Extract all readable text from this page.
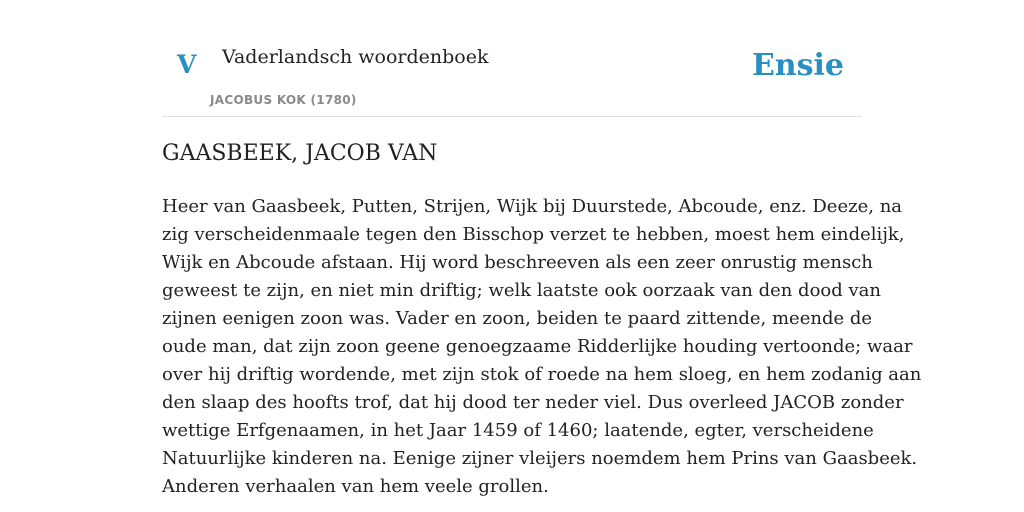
V Vaderlandsch woordenboek
JACOBUS KOK (1780)
Ensie
GAASBEEK, JACOB VAN

Heer van Gaasbeek, Putten, Strijen, Wijk bij Duurstede, Abcoude, enz. Deeze, na
zig verscheidenmaale tegen den Bisschop verzet te hebben, moest hem eindelijk,
Wijk en Abcoude afstaan. Hij word beschreeven als een zeer onrustig mensch
geweest te zijn, en niet min driftig; welk laatste ook oorzaak van den dood van
zijnen eenigen zoon was. Vader en zoon, beiden te paard zittende, meende de
oude man, dat zijn zoon geene genoegzaame Ridderlijke houding vertoonde; waar
over hij driftig wordende, met zijn stok of roede na hem sloeg, en hem zodanig aan
den slaap des hoofts trof, dat hij dood ter neder viel. Dus overleed JACOB zonder
wettige Erfgenaamen, in het Jaar 1459 of 1460; laatende, egter, verscheidene
Natuurlijke kinderen na. Eenige zijner vleijers noemdem hem Prins van Gaasbeek.
Anderen verhaalen van hem veele grollen.
